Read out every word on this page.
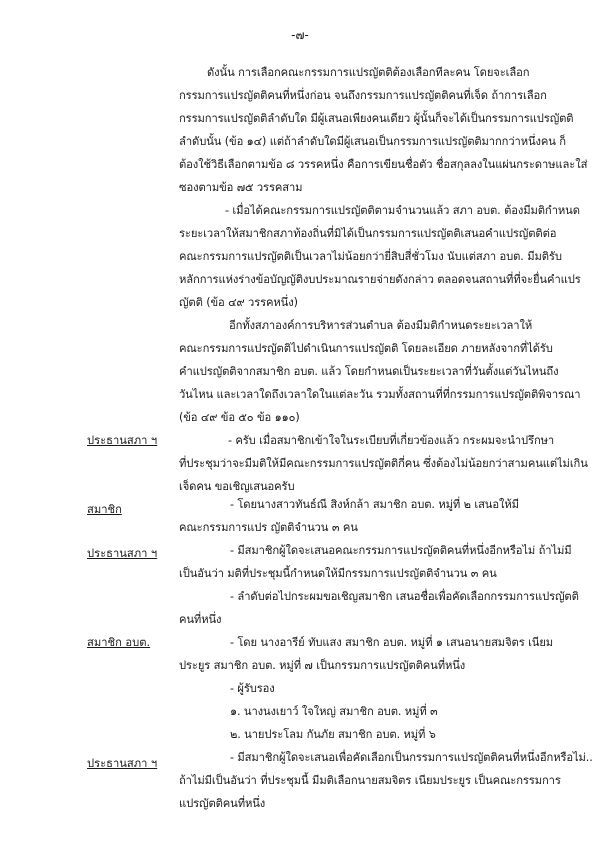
-๗-
ดังนั้น การเลือกคณะกรรมการแปรญัตติต้องเลือกทีละคน โดยจะเลือก
กรรมการแปรญัตติคนที่หนึ่งก่อน จนถึงกรรมการแปรญัตติคนที่เจ็ด ถ้าการเลือก
กรรมการแปรญัตติลำดับใด มีผู้เสนอเพียงคนเดียว ผู้นั้นก็จะได้เป็นกรรมการแปรญัตติ
ลำดับนั้น (ข้อ ๑๔) แต่ถ้าลำดับใดมีผู้เสนอเป็นกรรมการแปรญัตติมากกว่าหนึ่งคน ก็
ต้องใช้วิธีเลือกตามข้อ ๘ วรรคหนึ่ง คือการเขียนชื่อตัว ชื่อสกุลลงในแผ่นกระดาษและใส่
ซองตามข้อ ๗๕ วรรคสาม
- เมื่อได้คณะกรรมการแปรญัตติตามจำนวนแล้ว สภา อบต. ต้องมีมติกำหนด
ระยะเวลาให้สมาชิกสภาท้องถิ่นที่มิได้เป็นกรรมการแปรญัตติเสนอคำแปรญัตติต่อ
คณะกรรมการแปรญัตติเป็นเวลาไม่น้อยกว่ายี่สิบสี่ชั่วโมง นับแต่สภา อบต. มีมติรับ
หลักการแห่งร่างข้อบัญญัติงบประมาณรายจ่ายดังกล่าว ตลอดจนสถานที่ที่จะยื่นคำแปร
ญัตติ (ข้อ ๔๙ วรรคหนึ่ง)
อีกทั้งสภาองค์การบริหารส่วนตำบล ต้องมีมติกำหนดระยะเวลาให้
คณะกรรมการแปรญัตติไปดำเนินการแปรญัตติ โดยละเอียด ภายหลังจากที่ได้รับ
คำแปรญัตติจากสมาชิก อบต. แล้ว โดยกำหนดเป็นระยะเวลาที่วันตั้งแต่วันไหนถึง
วันไหน และเวลาใดถึงเวลาใดในแต่ละวัน รวมทั้งสถานที่ที่กรรมการแปรญัตติพิจารณา
(ข้อ ๔๙ ข้อ ๕๐ ข้อ ๑๑๐)
ประธานสภา ฯ	- ครับ เมื่อสมาชิกเข้าใจในระเบียบที่เกี่ยวข้องแล้ว กระผมจะนำปรึกษา
ที่ประชุมว่าจะมีมติให้มีคณะกรรมการแปรญัตติกี่คน ซึ่งต้องไม่น้อยกว่าสามคนแต่ไม่เกิน
เจ็ดคน ขอเชิญเสนอครับ
สมาชิก	- โดยนางสาวทันธ์ณี สิงห์กล้า สมาชิก อบต. หมู่ที่ ๒ เสนอให้มี
คณะกรรมการแปร ญัตติจำนวน ๓ คน
ประธานสภา ฯ	- มีสมาชิกผู้ใดจะเสนอคณะกรรมการแปรญัตติคนที่หนึ่งอีกหรือไม่ ถ้าไม่มี
เป็นอันว่า มติที่ประชุมนี้กำหนดให้มีกรรมการแปรญัตติจำนวน ๓ คน
- ลำดับต่อไปกระผมขอเชิญสมาชิก เสนอชื่อเพื่อคัดเลือกกรรมการแปรญัตติ
คนที่หนึ่ง
สมาชิก อบต.	- โดย นางอารีย์ ทับแสง สมาชิก อบต. หมู่ที่ ๑ เสนอนายสมจิตร เนียม
ประยูร สมาชิก อบต. หมู่ที่ ๗ เป็นกรรมการแปรญัตติคนที่หนึ่ง
- ผู้รับรอง
๑. นางนงเยาว์ ใจใหญ่ สมาชิก อบต. หมู่ที่ ๓
๒. นายประโลม กันภัย สมาชิก อบต. หมู่ที่ ๖
ประธานสภา ฯ	- มีสมาชิกผู้ใดจะเสนอเพื่อคัดเลือกเป็นกรรมการแปรญัตติคนที่หนึ่งอีกหรือไม่..
ถ้าไม่มีเป็นอันว่า ที่ประชุมนี้ มีมติเลือกนายสมจิตร เนียมประยูร เป็นคณะกรรมการ
แปรญัตติคนที่หนึ่ง
